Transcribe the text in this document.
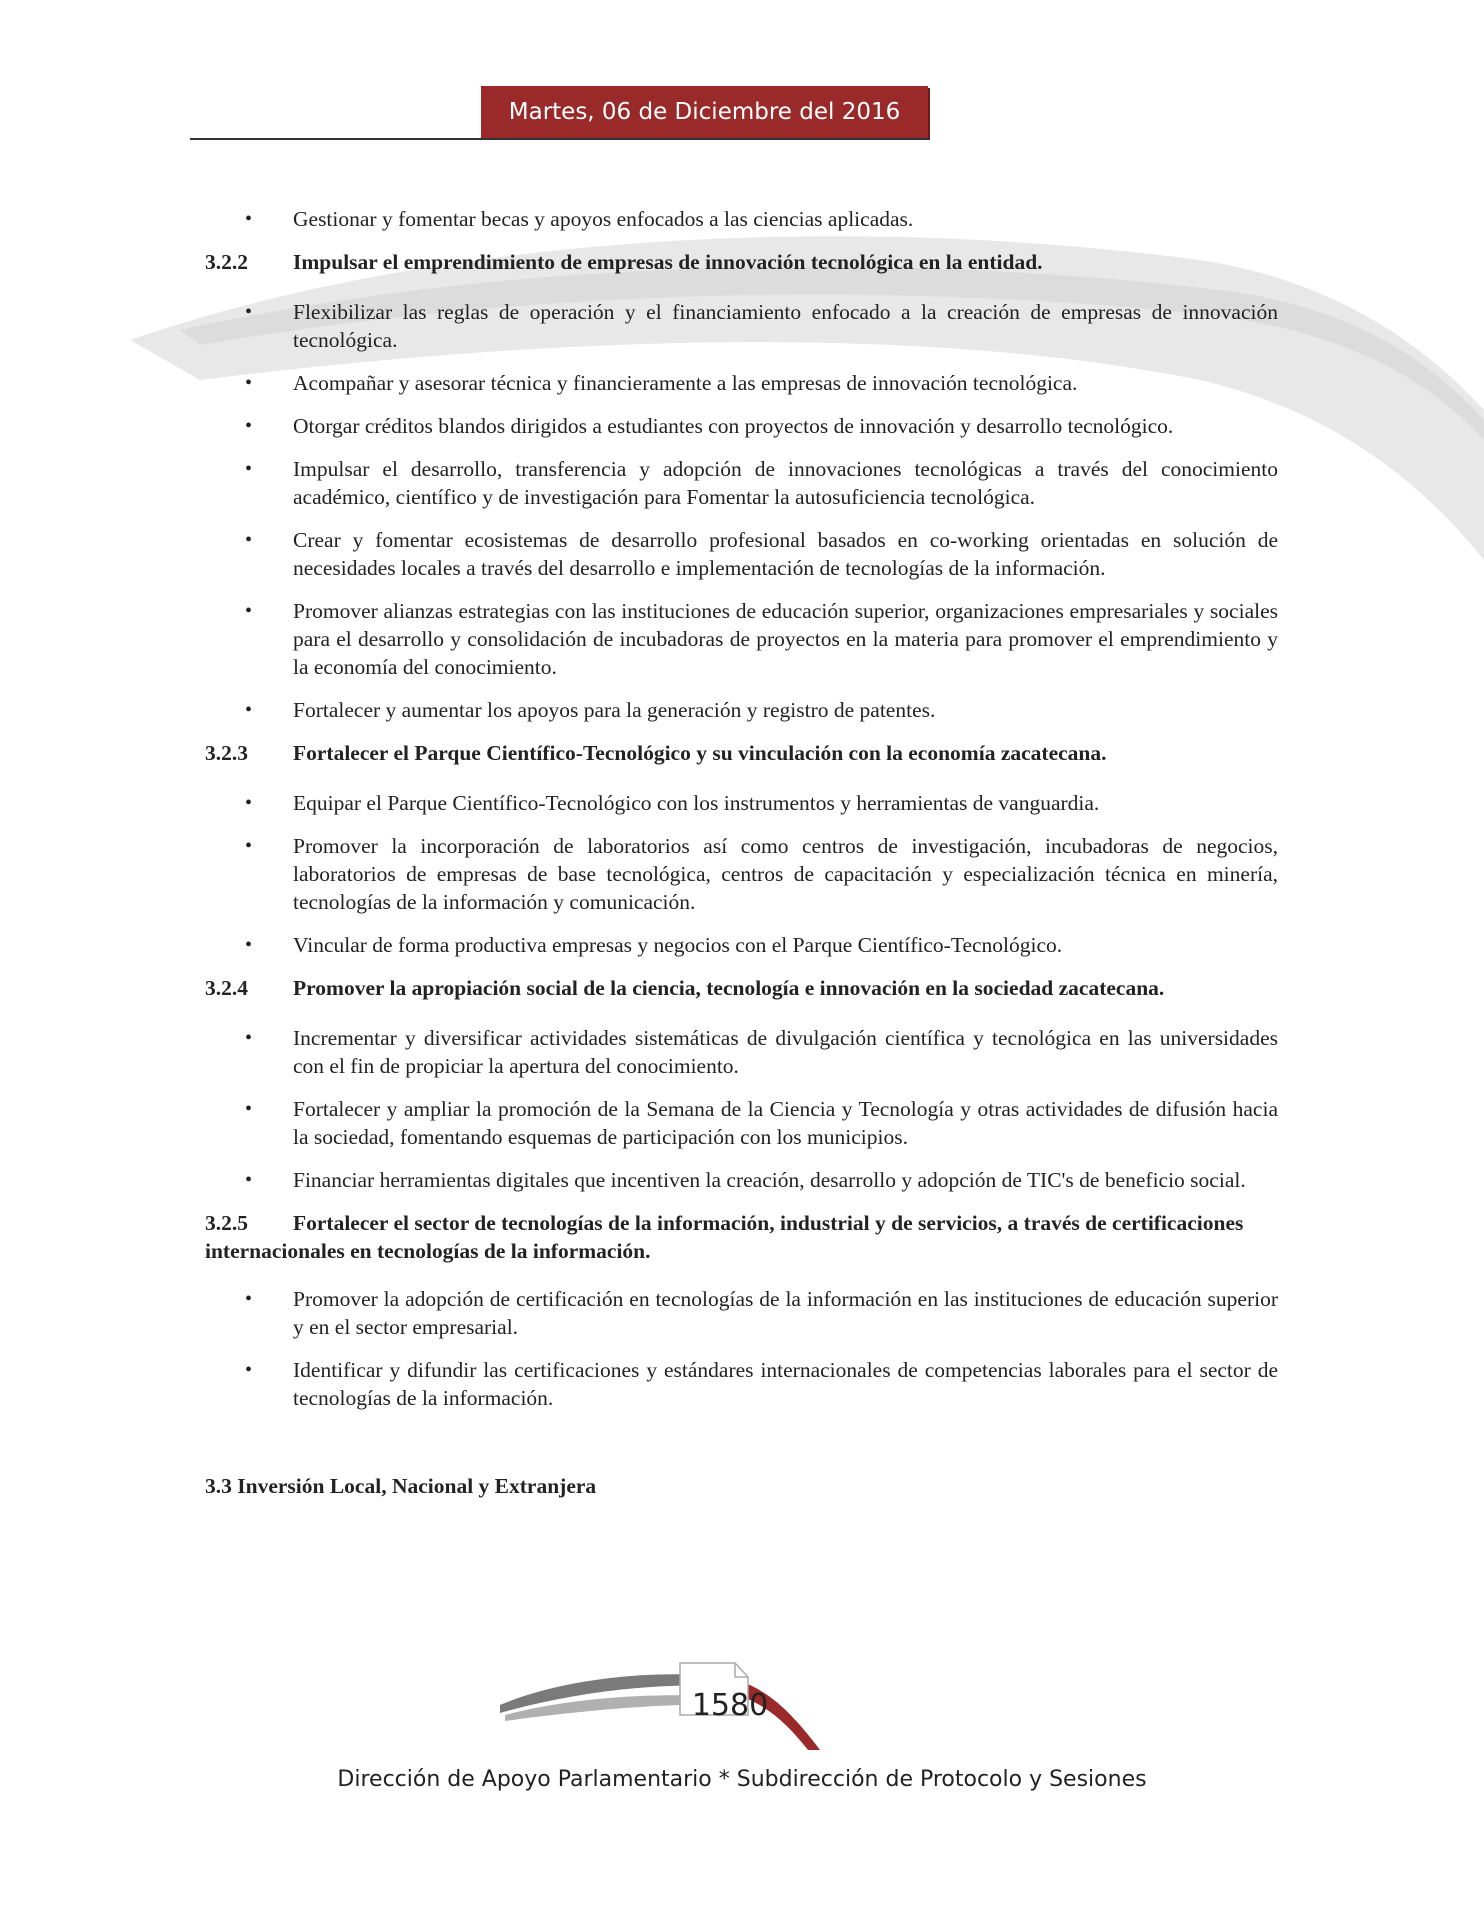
Martes, 06 de Diciembre del 2016

• Gestionar y fomentar becas y apoyos enfocados a las ciencias aplicadas.

3.2.2	Impulsar el emprendimiento de empresas de innovación tecnológica en la entidad.

• Flexibilizar las reglas de operación y el financiamiento enfocado a la creación de empresas de innovación tecnológica.

• Acompañar y asesorar técnica y financieramente a las empresas de innovación tecnológica.

• Otorgar créditos blandos dirigidos a estudiantes con proyectos de innovación y desarrollo tecnológico.

• Impulsar el desarrollo, transferencia y adopción de innovaciones tecnológicas a través del conocimiento académico, científico y de investigación para Fomentar la autosuficiencia tecnológica.

• Crear y fomentar ecosistemas de desarrollo profesional basados en co-working orientadas en solución de necesidades locales a través del desarrollo e implementación de tecnologías de la información.

• Promover alianzas estrategias con las instituciones de educación superior, organizaciones empresariales y sociales para el desarrollo y consolidación de incubadoras de proyectos en la materia para promover el emprendimiento y la economía del conocimiento.

• Fortalecer y aumentar los apoyos para la generación y registro de patentes.

3.2.3	Fortalecer el Parque Científico-Tecnológico y su vinculación con la economía zacatecana.

• Equipar el Parque Científico-Tecnológico con los instrumentos y herramientas de vanguardia.

• Promover la incorporación de laboratorios así como centros de investigación, incubadoras de negocios, laboratorios de empresas de base tecnológica, centros de capacitación y especialización técnica en minería, tecnologías de la información y comunicación.

• Vincular de forma productiva empresas y negocios con el Parque Científico-Tecnológico.

3.2.4	Promover la apropiación social de la ciencia, tecnología e innovación en la sociedad zacatecana.

• Incrementar y diversificar actividades sistemáticas de divulgación científica y tecnológica en las universidades con el fin de propiciar la apertura del conocimiento.

• Fortalecer y ampliar la promoción de la Semana de la Ciencia y Tecnología y otras actividades de difusión hacia la sociedad, fomentando esquemas de participación con los municipios.

• Financiar herramientas digitales que incentiven la creación, desarrollo y adopción de TIC's de beneficio social.

3.2.5 Fortalecer el sector de tecnologías de la información, industrial y de servicios, a través de certificaciones internacionales en tecnologías de la información.

• Promover la adopción de certificación en tecnologías de la información en las instituciones de educación superior y en el sector empresarial.

• Identificar y difundir las certificaciones y estándares internacionales de competencias laborales para el sector de tecnologías de la información.

3.3 Inversión Local, Nacional y Extranjera
1580
Dirección de Apoyo Parlamentario * Subdirección de Protocolo y Sesiones
